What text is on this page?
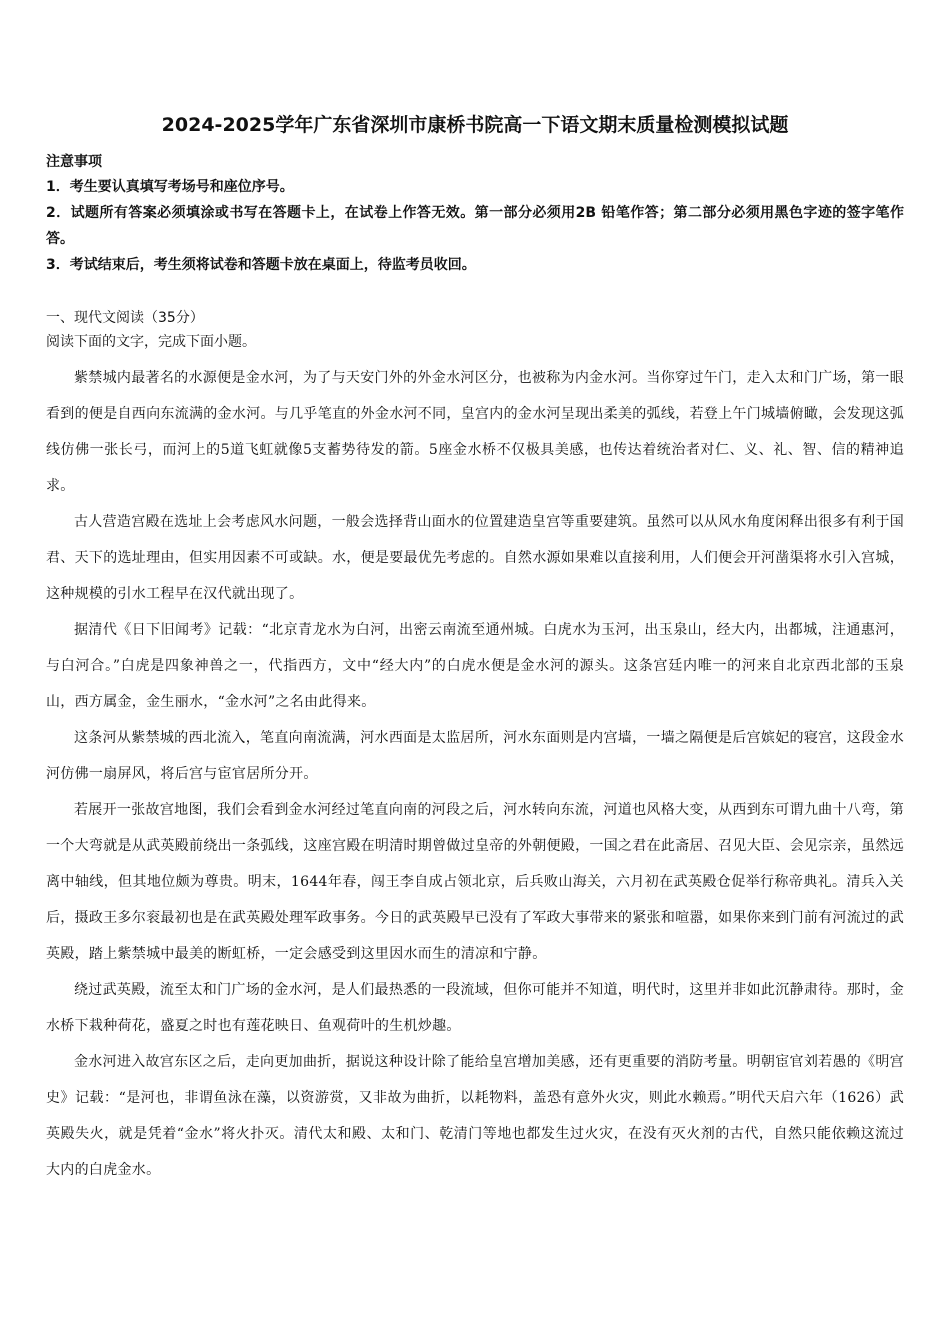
2024-2025学年广东省深圳市康桥书院高一下语文期末质量检测模拟试题

注意事项

1．考生要认真填写考场号和座位序号。

2．试题所有答案必须填涂或书写在答题卡上，在试卷上作答无效。第一部分必须用2B 铅笔作答；第二部分必须用黑色字迹的签字笔作答。

3．考试结束后，考生须将试卷和答题卡放在桌面上，待监考员收回。

一、现代文阅读（35分）

阅读下面的文字，完成下面小题。

紫禁城内最著名的水源便是金水河，为了与天安门外的外金水河区分，也被称为内金水河。当你穿过午门，走入太和门广场，第一眼看到的便是自西向东流满的金水河。与几乎笔直的外金水河不同，皇宫内的金水河呈现出柔美的弧线，若登上午门城墙俯瞰，会发现这弧线仿佛一张长弓，而河上的5道飞虹就像5支蓄势待发的箭。5座金水桥不仅极具美感，也传达着统治者对仁、义、礼、智、信的精神追求。

古人营造宫殿在选址上会考虑风水问题，一般会选择背山面水的位置建造皇宫等重要建筑。虽然可以从风水角度闲释出很多有利于国君、天下的选址理由，但实用因素不可或缺。水，便是要最优先考虑的。自然水源如果难以直接利用，人们便会开河凿渠将水引入宫城，这种规模的引水工程早在汉代就出现了。

据清代《日下旧闻考》记载：“北京青龙水为白河，出密云南流至通州城。白虎水为玉河，出玉泉山，经大内，出都城，注通惠河，与白河合。”白虎是四象神兽之一，代指西方，文中“经大内”的白虎水便是金水河的源头。这条宫廷内唯一的河来自北京西北部的玉泉山，西方属金，金生丽水，“金水河”之名由此得来。

这条河从紫禁城的西北流入，笔直向南流满，河水西面是太监居所，河水东面则是内宫墙，一墙之隔便是后宫嫔妃的寝宫，这段金水河仿佛一扇屏风，将后宫与宦官居所分开。

若展开一张故宫地图，我们会看到金水河经过笔直向南的河段之后，河水转向东流，河道也风格大变，从西到东可谓九曲十八弯，第一个大弯就是从武英殿前绕出一条弧线，这座宫殿在明清时期曾做过皇帝的外朝便殿，一国之君在此斋居、召见大臣、会见宗亲，虽然远离中轴线，但其地位颇为尊贵。明末，1644年春，闯王李自成占领北京，后兵败山海关，六月初在武英殿仓促举行称帝典礼。清兵入关后，摄政王多尔衮最初也是在武英殿处理军政事务。今日的武英殿早已没有了军政大事带来的紧张和喧嚣，如果你来到门前有河流过的武英殿，踏上紫禁城中最美的断虹桥，一定会感受到这里因水而生的清凉和宁静。

绕过武英殿，流至太和门广场的金水河，是人们最热悉的一段流域，但你可能并不知道，明代时，这里并非如此沉静肃待。那时，金水桥下栽种荷花，盛夏之时也有莲花映日、鱼观荷叶的生机炒趣。

金水河进入故宫东区之后，走向更加曲折，据说这种设计除了能给皇宫增加美感，还有更重要的消防考量。明朝宦官刘若愚的《明宫史》记载：“是河也，非谓鱼泳在藻，以资游赏，又非故为曲折，以耗物料，盖恐有意外火灾，则此水赖焉。”明代天启六年（1626）武英殿失火，就是凭着“金水”将火扑灭。清代太和殿、太和门、乾清门等地也都发生过火灾，在没有灭火剂的古代，自然只能依赖这流过大内的白虎金水。
